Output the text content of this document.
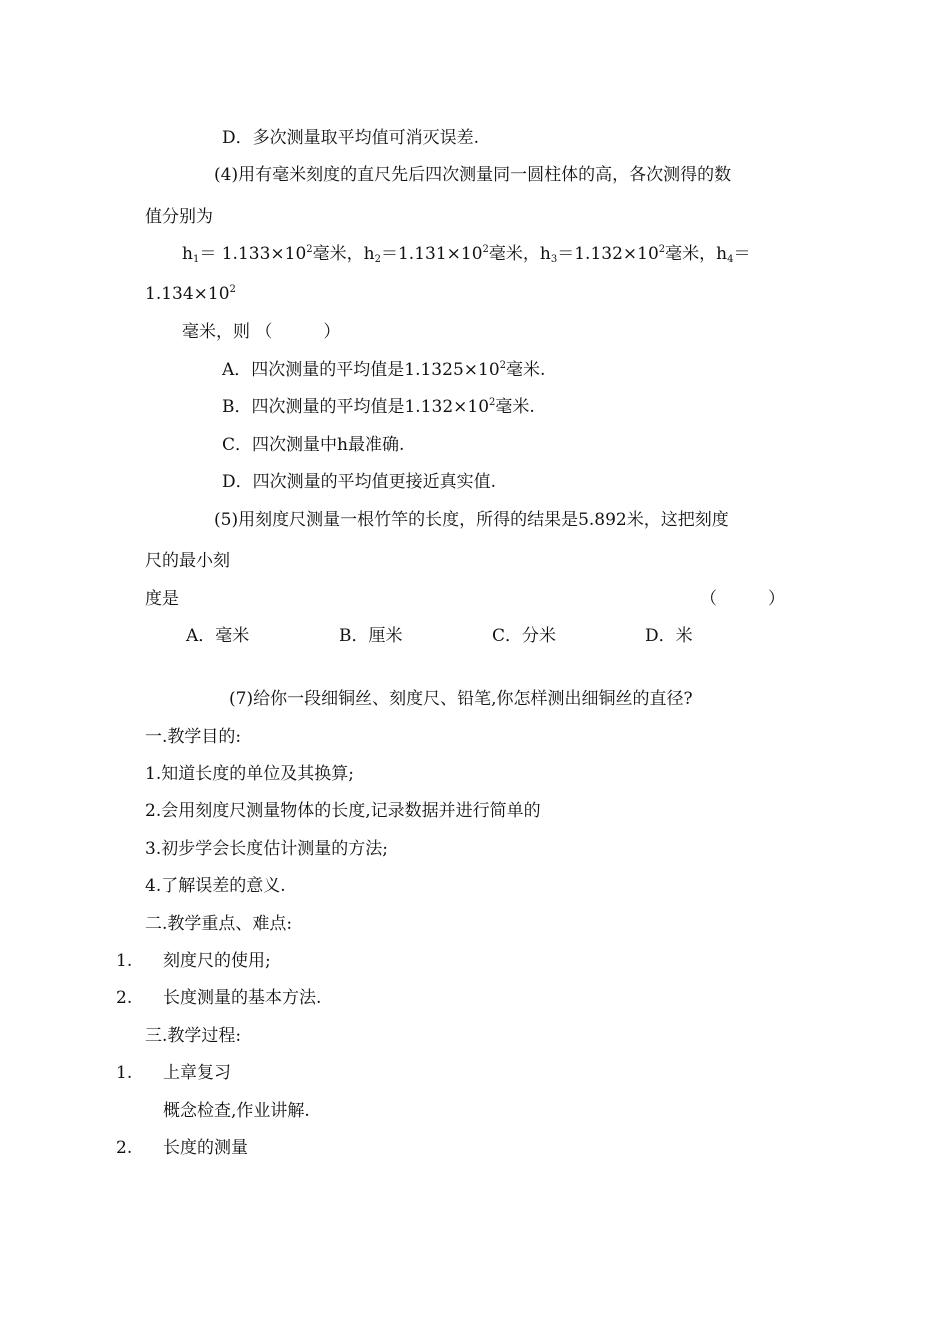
D．多次测量取平均值可消灭误差.
(4)用有毫米刻度的直尺先后四次测量同一圆柱体的高，各次测得的数
值分别为
$h_1= 1.133\times 10^2$毫米，$h_2=1.131\times 10^2$毫米，$h_3=1.132\times 10^2$毫米，$h_4=$
$1.134\times 10^2$
毫米，则 （　　　）
A．四次测量的平均值是$1.1325\times 10^2$毫米.
B．四次测量的平均值是$1.132\times 10^2$毫米.
C．四次测量中h最准确.
D．四次测量的平均值更接近真实值.
(5)用刻度尺测量一根竹竿的长度，所得的结果是5.892米，这把刻度
尺的最小刻
度是	（　　　）
A．毫米	B．厘米	C．分米	D．米
(7)给你一段细铜丝、刻度尺、铅笔,你怎样测出细铜丝的直径?
一.教学目的:
1.知道长度的单位及其换算;
2.会用刻度尺测量物体的长度,记录数据并进行简单的
3.初步学会长度估计测量的方法;
4.了解误差的意义.
二.教学重点、难点:
1. 刻度尺的使用;
2. 长度测量的基本方法.
三.教学过程:
1. 上章复习
概念检查,作业讲解.
2. 长度的测量
